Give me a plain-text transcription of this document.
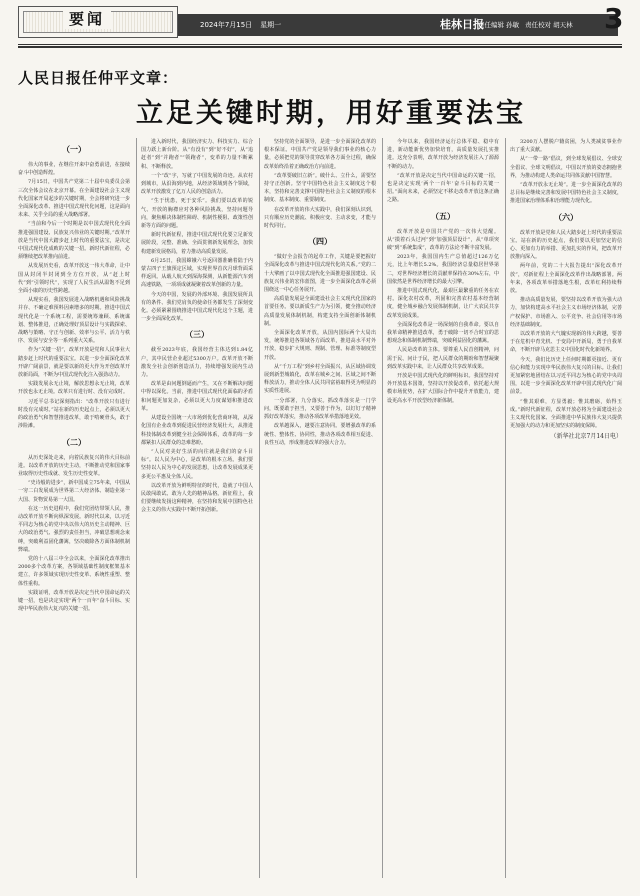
要闻	2024年7月15日 星期一	桂林日报
责任编辑 孙敏 责任校对 胡天林 3
人民日报任仲平文章：
立足关键时期，用好重要法宝
（一）

伟大的事业，在继往开来中奋勇前进，在接续奋斗中创造辉煌。

7月15日，中国共产党第二十届中央委员会第三次全体会议在北京开幕。在全面建设社会主义现代化国家开局起步的关键时期，全会将研究进一步全面深化改革、推进中国式现代化问题，这是面向未来、关乎全局的重大战略部署。

“当前和今后一个时期是以中国式现代化全面推进强国建设、民族复兴伟业的关键时期。”改革开放是当代中国大踏步赶上时代的重要法宝，是决定中国式现代化成败的关键一招。新时代新征程，必须继续把改革推向前进。

从发展历史看，改革开放这一伟大革命，让中国从封闭半封闭到全方位开放，从“赶上时代”到“引领时代”，实现了人民生活从温饱不足到全面小康的历史性跨越。

从现实看，我国发展进入战略机遇和风险挑战并存、不确定难预料因素增多的时期。推进中国式现代化是一个系统工程，需要统筹兼顾、系统谋划、整体推进，正确处理好顶层设计与实践探索、战略与策略、守正与创新、效率与公平、活力与秩序、发展与安全等一系列重大关系。

作为“关键一招”，改革开放是党和人民事业大踏步赶上时代的重要法宝。以进一步全面深化改革开辟广阔前景，就是要以新的更大作为开创改革开放新局面，不断为中国式现代化注入强劲动力。

实践发展永无止境，解放思想永无止境，改革开放也永无止境。改革只有进行时、没有完成时。

习近平总书记深刻指出：“改革开放只有进行时没有完成时。”站在新的历史起点上，必须以更大的政治勇气和智慧推进改革，敢于啃硬骨头，敢于涉险滩。

（二）

从历史深处走来，向着民族复兴的伟大目标前进。以改革开放的历史主动，不断推动党和国家事业取得历史性成就、发生历史性变革。

“史诗般的进步”，新中国成立75年来，中国从一穷二白发展成为世界第二大经济体、制造业第一大国、货物贸易第一大国。

在这一历史进程中，我们党团结带领人民，推动改革开放不断向纵深发展。新时代以来，以习近平同志为核心的党中央以伟大的历史主动精神、巨大的政治勇气、强烈的责任担当，冲破思想观念束缚，突破利益固化藩篱，坚决破除各方面体制机制弊端。

党的十八届三中全会以来，全面深化改革推出2000多个改革方案，各领域基础性制度框架基本建立，许多领域实现历史性变革、系统性重塑、整体性重构。

实践证明，改革开放是决定当代中国命运的关键一招，也是决定实现“两个一百年”奋斗目标、实现中华民族伟大复兴的关键一招。

进入新时代，我国经济实力、科技实力、综合国力跃上新台阶。从“有没有”到“好不好”，从“追赶者”到“并跑者”“领跑者”，变革的力量不断累积、不断释放。

一个“改”字，写就了中国发展的奇迹。从农村到城市，从沿海到内地，从经济领域到各个领域，改革开放激发了亿万人民的创造活力。

“生于忧患，死于安乐”。我们要以改革的锐气、开放的胸襟应对各种风险挑战，坚持问题导向，聚焦解决体制性障碍、机制性梗阻、政策性创新等方面的问题。

新时代新征程，推进中国式现代化要立足新发展阶段，完整、准确、全面贯彻新发展理念，加快构建新发展格局，着力推动高质量发展。

6月25日，我国嫦娥六号返回器准确着陆于内蒙古四子王旗预定区域，实现世界首次月球背面采样返回。从载人航天到深海探测，从新能源汽车到高速铁路，一项项成就凝聚着改革创新的力量。

今天的中国，发展的外部环境、我国发展所具有的条件、我们党肩负的使命任务都发生了深刻变化。必须紧紧围绕推进中国式现代化这个主题，进一步全面深化改革。

（三）

截至2023年底，我国经营主体达到1.84亿户，其中民营企业超过5300万户。改革开放不断激发全社会创新创造活力，持续增强发展内生动力。

改革是由问题倒逼而产生，又在不断解决问题中得以深化。当前，推进中国式现代化面临的矛盾和问题更加复杂，必须以更大力度谋划和推进改革。

从建设全国统一大市场到优化营商环境，从深化国有企业改革到促进民营经济发展壮大，从推进科技体制改革到健全社会保障体系，改革的每一步都紧扣人民群众的急难愁盼。

“人民对美好生活的向往就是我们的奋斗目标”。以人民为中心，是改革的根本立场。我们要坚持以人民为中心的发展思想，让改革发展成果更多更公平惠及全体人民。

以改革开放为鲜明特征的时代，造就了中国人民敢闯敢试、敢为人先的精神品格。新征程上，我们要继续发扬这种精神，在坚持和发展中国特色社会主义的伟大实践中不断开拓创新。

坚持党的全面领导，是进一步全面深化改革的根本保证。中国共产党是领导我们事业的核心力量，必须把党的领导贯穿改革各方面全过程，确保改革始终沿着正确政治方向前进。

“改革要破旧立新”。破什么、立什么，需要坚持守正创新。坚守中国特色社会主义制度这个根本，坚持和完善支撑中国特色社会主义制度的根本制度、基本制度、重要制度。

在改革开放的伟大实践中，我们深刻认识到，只有顺应历史潮流、积极应变、主动求变，才能与时代同行。

（四）

“做好全会报告的起草工作，关键是要把握好全面深化改革与推进中国式现代化的关系。”党的二十大擘画了以中国式现代化全面推进强国建设、民族复兴伟业的宏伟蓝图，进一步全面深化改革必须围绕这一中心任务展开。

高质量发展是全面建设社会主义现代化国家的首要任务。要以新质生产力为引领，健全推动经济高质量发展体制机制，构建支持全面创新体制机制。

全面深化改革开放，从国内国际两个大局出发，统筹推进各领域各方面改革，推进高水平对外开放，稳步扩大规则、规制、管理、标准等制度型开放。

从“千万工程”到乡村全面振兴，从区域协调发展到新型城镇化，改革在城乡之间、区域之间不断释放活力，推动全体人民共同富裕取得更为明显的实质性进展。

一分部署，九分落实。抓改革落实是一门学问，既要敢于担当，又要善于作为，以钉钉子精神抓好改革落实，推动各项改革举措落地见效。

改革越深入，越要注意协同。要增强改革的系统性、整体性、协同性，推动各项改革相互促进、良性互动，形成推进改革的强大合力。

今年以来，我国经济运行总体平稳、稳中有进，新动能新优势加快培育，高质量发展扎实推进。这充分表明，改革开放为经济发展注入了源源不断的动力。

“改革开放是决定当代中国命运的关键一招，也是决定实现‘两个一百年’奋斗目标的关键一招。”面向未来，必须坚定不移走改革开放这条正确之路。

（五）

改革开放是中国共产党的一次伟大觉醒。从“摸着石头过河”到“加强顶层设计”，从“单项突破”到“系统集成”，改革的方法论不断丰富发展。

2023年，我国国内生产总值超过126万亿元，比上年增长5.2%。我国经济总量稳居世界第二，对世界经济增长的贡献率保持在30%左右，中国依然是世界经济增长的最大引擎。

推进中国式现代化，最艰巨最繁重的任务在农村。深化农村改革，巩固和完善农村基本经营制度，健全城乡融合发展体制机制，让广大农民共享改革发展成果。

全面深化改革是一场深刻的自我革命。要以自我革命精神推进改革，勇于破除一切不合时宜的思想观念和体制机制弊端，突破利益固化的藩篱。

人民是改革的主体。要尊重人民首创精神，问需于民、问计于民，把人民群众的期盼和智慧凝聚到改革实践中来，让人民群众共享改革成果。

开放是中国式现代化的鲜明标识。我国坚持对外开放基本国策，坚持以开放促改革，依托超大规模市场优势，在扩大国际合作中提升开放能力，建设更高水平开放型经济新体制。

3200万人摆脱户籍贫困，为人类减贫事业作出了重大贡献。

从“一带一路”倡议，到全球发展倡议、全球安全倡议、全球文明倡议，中国以开放的姿态拥抱世界，为推动构建人类命运共同体贡献中国智慧。

“改革开放永无止境”。进一步全面深化改革的总目标是继续完善和发展中国特色社会主义制度，推进国家治理体系和治理能力现代化。

（六）

改革开放是党和人民大踏步赶上时代的重要法宝。站在新的历史起点，我们要以更加坚定的信心、更加有力的举措、更加扎实的作风，把改革开放推向深入。

两年前，党的二十大报告提出“深化改革开放”，对新征程上全面深化改革作出战略部署。两年来，各项改革举措落地生根，改革红利持续释放。

推动高质量发展，要坚持以改革开放为强大动力，加快构建高水平社会主义市场经济体制，完善产权保护、市场准入、公平竞争、社会信用等市场经济基础制度。

以改革开放的大气魄实现新的伟大跨越，要善于在危机中育先机、于变局中开新局，勇于自我革命，不断开辟马克思主义中国化时代化新境界。

今天，我们比历史上任何时期都更接近、更有信心和能力实现中华民族伟大复兴的目标。让我们更加紧密地团结在以习近平同志为核心的党中央周围，以进一步全面深化改革开辟中国式现代化广阔前景。

“惟其艰难，方显勇毅；惟其磨砺，始得玉成。”新时代新征程，改革开放必将为全面建设社会主义现代化国家、全面推进中华民族伟大复兴提供更加强大的动力和更加坚实的制度保障。

（新华社北京7月14日电）
